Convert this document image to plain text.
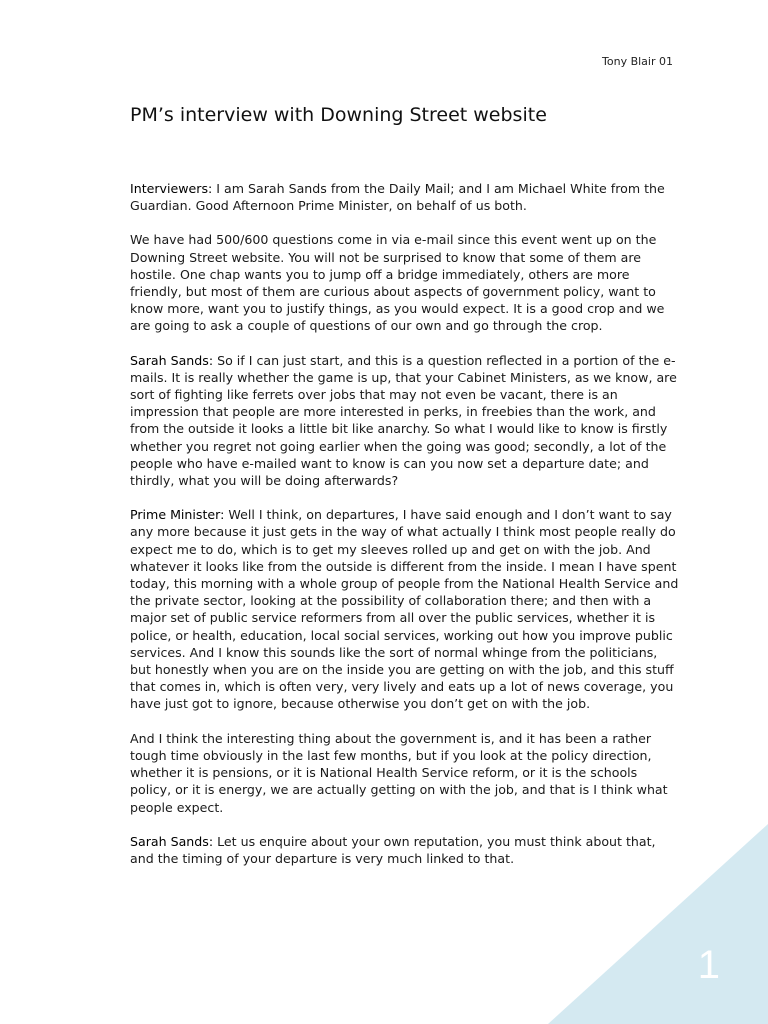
Tony Blair 01
PM’s interview with Downing Street website

Interviewers: I am Sarah Sands from the Daily Mail; and I am Michael White from the Guardian. Good Afternoon Prime Minister, on behalf of us both.

We have had 500/600 questions come in via e-mail since this event went up on the Downing Street website. You will not be surprised to know that some of them are hostile. One chap wants you to jump off a bridge immediately, others are more friendly, but most of them are curious about aspects of government policy, want to know more, want you to justify things, as you would expect. It is a good crop and we are going to ask a couple of questions of our own and go through the crop.

Sarah Sands: So if I can just start, and this is a question reflected in a portion of the e-mails. It is really whether the game is up, that your Cabinet Ministers, as we know, are sort of fighting like ferrets over jobs that may not even be vacant, there is an impression that people are more interested in perks, in freebies than the work, and from the outside it looks a little bit like anarchy. So what I would like to know is firstly whether you regret not going earlier when the going was good; secondly, a lot of the people who have e-mailed want to know is can you now set a departure date; and thirdly, what you will be doing afterwards?

Prime Minister: Well I think, on departures, I have said enough and I don’t want to say any more because it just gets in the way of what actually I think most people really do expect me to do, which is to get my sleeves rolled up and get on with the job. And whatever it looks like from the outside is different from the inside. I mean I have spent today, this morning with a whole group of people from the National Health Service and the private sector, looking at the possibility of collaboration there; and then with a major set of public service reformers from all over the public services, whether it is police, or health, education, local social services, working out how you improve public services. And I know this sounds like the sort of normal whinge from the politicians, but honestly when you are on the inside you are getting on with the job, and this stuff that comes in, which is often very, very lively and eats up a lot of news coverage, you have just got to ignore, because otherwise you don’t get on with the job.

And I think the interesting thing about the government is, and it has been a rather tough time obviously in the last few months, but if you look at the policy direction, whether it is pensions, or it is National Health Service reform, or it is the schools policy, or it is energy, we are actually getting on with the job, and that is I think what people expect.

Sarah Sands: Let us enquire about your own reputation, you must think about that, and the timing of your departure is very much linked to that.

1
